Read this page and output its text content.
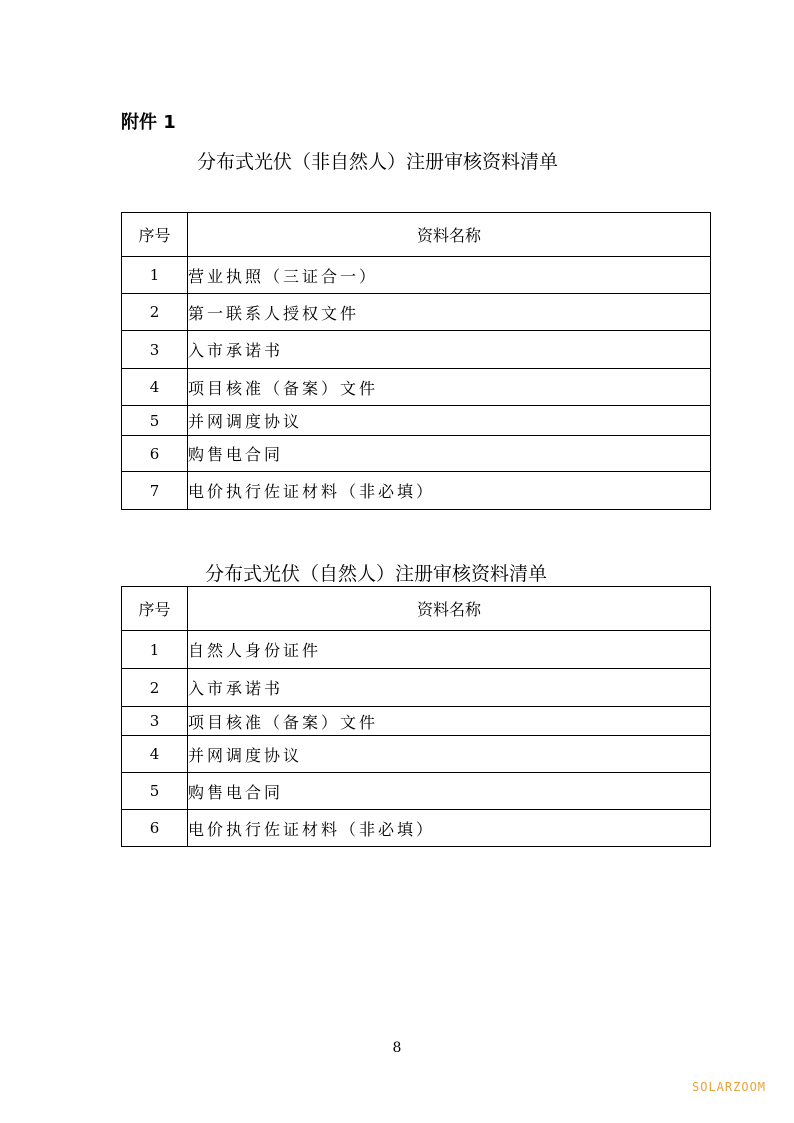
附件 1
分布式光伏（非自然人）注册审核资料清单
序号	资料名称
1	营业执照（三证合一）
2	第一联系人授权文件
3	入市承诺书
4	项目核准（备案）文件
5	并网调度协议
6	购售电合同
7	电价执行佐证材料（非必填）
分布式光伏（自然人）注册审核资料清单
序号	资料名称
1	自然人身份证件
2	入市承诺书
3	项目核准（备案）文件
4	并网调度协议
5	购售电合同
6	电价执行佐证材料（非必填）
8
SOLARZOOM
